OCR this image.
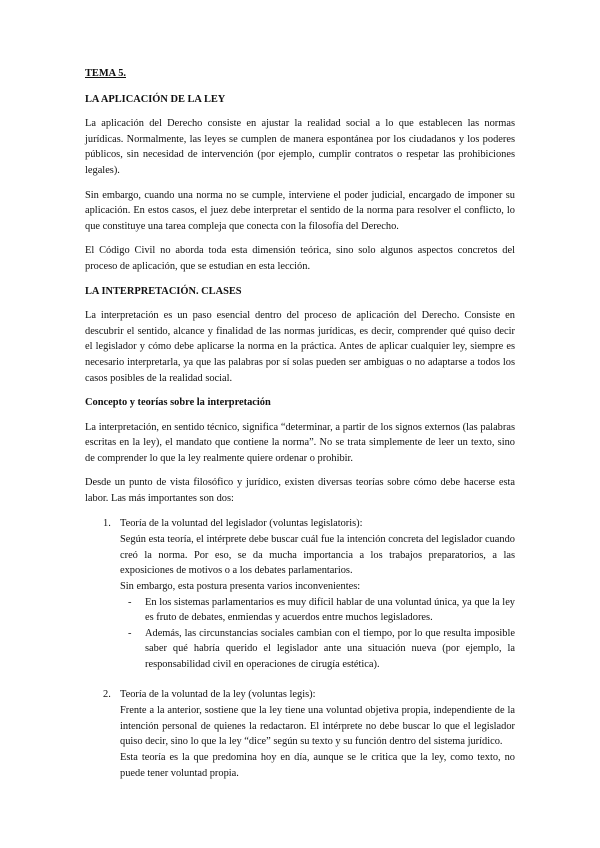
TEMA 5.
LA APLICACIÓN DE LA LEY

La aplicación del Derecho consiste en ajustar la realidad social a lo que establecen las normas jurídicas. Normalmente, las leyes se cumplen de manera espontánea por los ciudadanos y los poderes públicos, sin necesidad de intervención (por ejemplo, cumplir contratos o respetar las prohibiciones legales).

Sin embargo, cuando una norma no se cumple, interviene el poder judicial, encargado de imponer su aplicación. En estos casos, el juez debe interpretar el sentido de la norma para resolver el conflicto, lo que constituye una tarea compleja que conecta con la filosofía del Derecho.

El Código Civil no aborda toda esta dimensión teórica, sino solo algunos aspectos concretos del proceso de aplicación, que se estudian en esta lección.

LA INTERPRETACIÓN. CLASES

La interpretación es un paso esencial dentro del proceso de aplicación del Derecho. Consiste en descubrir el sentido, alcance y finalidad de las normas jurídicas, es decir, comprender qué quiso decir el legislador y cómo debe aplicarse la norma en la práctica. Antes de aplicar cualquier ley, siempre es necesario interpretarla, ya que las palabras por sí solas pueden ser ambiguas o no adaptarse a todos los casos posibles de la realidad social.

Concepto y teorías sobre la interpretación

La interpretación, en sentido técnico, significa “determinar, a partir de los signos externos (las palabras escritas en la ley), el mandato que contiene la norma”. No se trata simplemente de leer un texto, sino de comprender lo que la ley realmente quiere ordenar o prohibir.

Desde un punto de vista filosófico y jurídico, existen diversas teorías sobre cómo debe hacerse esta labor. Las más importantes son dos:

1. Teoría de la voluntad del legislador (voluntas legislatoris):
Según esta teoría, el intérprete debe buscar cuál fue la intención concreta del legislador cuando creó la norma. Por eso, se da mucha importancia a los trabajos preparatorios, a las exposiciones de motivos o a los debates parlamentarios.
Sin embargo, esta postura presenta varios inconvenientes:
- En los sistemas parlamentarios es muy difícil hablar de una voluntad única, ya que la ley es fruto de debates, enmiendas y acuerdos entre muchos legisladores.
- Además, las circunstancias sociales cambian con el tiempo, por lo que resulta imposible saber qué habría querido el legislador ante una situación nueva (por ejemplo, la responsabilidad civil en operaciones de cirugía estética).
2. Teoría de la voluntad de la ley (voluntas legis):
Frente a la anterior, sostiene que la ley tiene una voluntad objetiva propia, independiente de la intención personal de quienes la redactaron. El intérprete no debe buscar lo que el legislador quiso decir, sino lo que la ley “dice” según su texto y su función dentro del sistema jurídico.
Esta teoría es la que predomina hoy en día, aunque se le critica que la ley, como texto, no puede tener voluntad propia.
